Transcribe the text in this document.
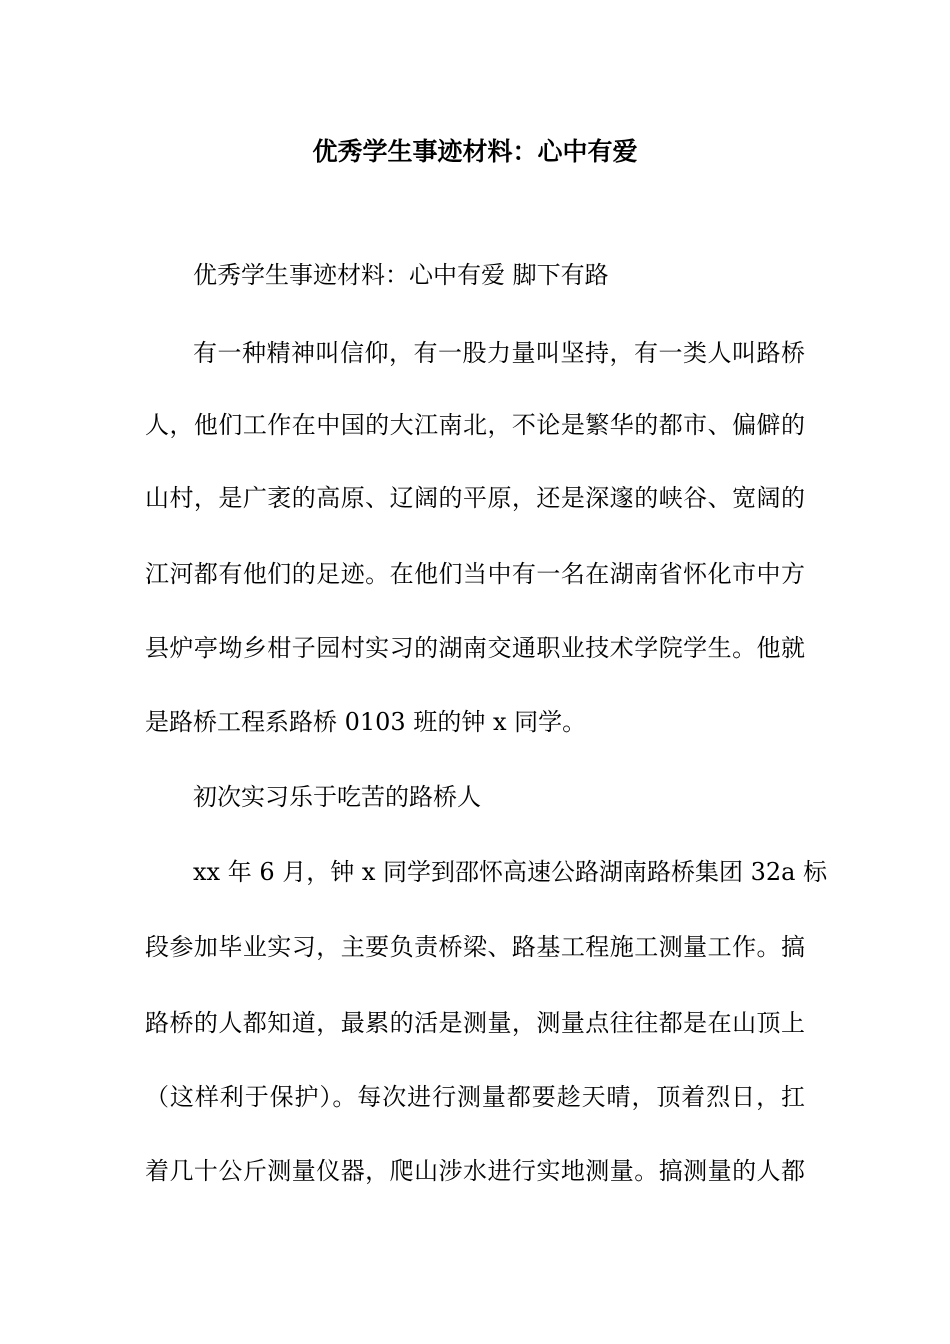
优秀学生事迹材料：心中有爱
优秀学生事迹材料：心中有爱 脚下有路
有一种精神叫信仰，有一股力量叫坚持，有一类人叫路桥
人，他们工作在中国的大江南北，不论是繁华的都市、偏僻的
山村，是广袤的高原、辽阔的平原，还是深邃的峡谷、宽阔的
江河都有他们的足迹。在他们当中有一名在湖南省怀化市中方
县炉亭坳乡柑子园村实习的湖南交通职业技术学院学生。他就
是路桥工程系路桥 0103 班的钟 x 同学。
初次实习乐于吃苦的路桥人
xx 年 6 月，钟 x 同学到邵怀高速公路湖南路桥集团 32a 标
段参加毕业实习，主要负责桥梁、路基工程施工测量工作。搞
路桥的人都知道，最累的活是测量，测量点往往都是在山顶上
（这样利于保护）。每次进行测量都要趁天晴，顶着烈日，扛
着几十公斤测量仪器，爬山涉水进行实地测量。搞测量的人都
